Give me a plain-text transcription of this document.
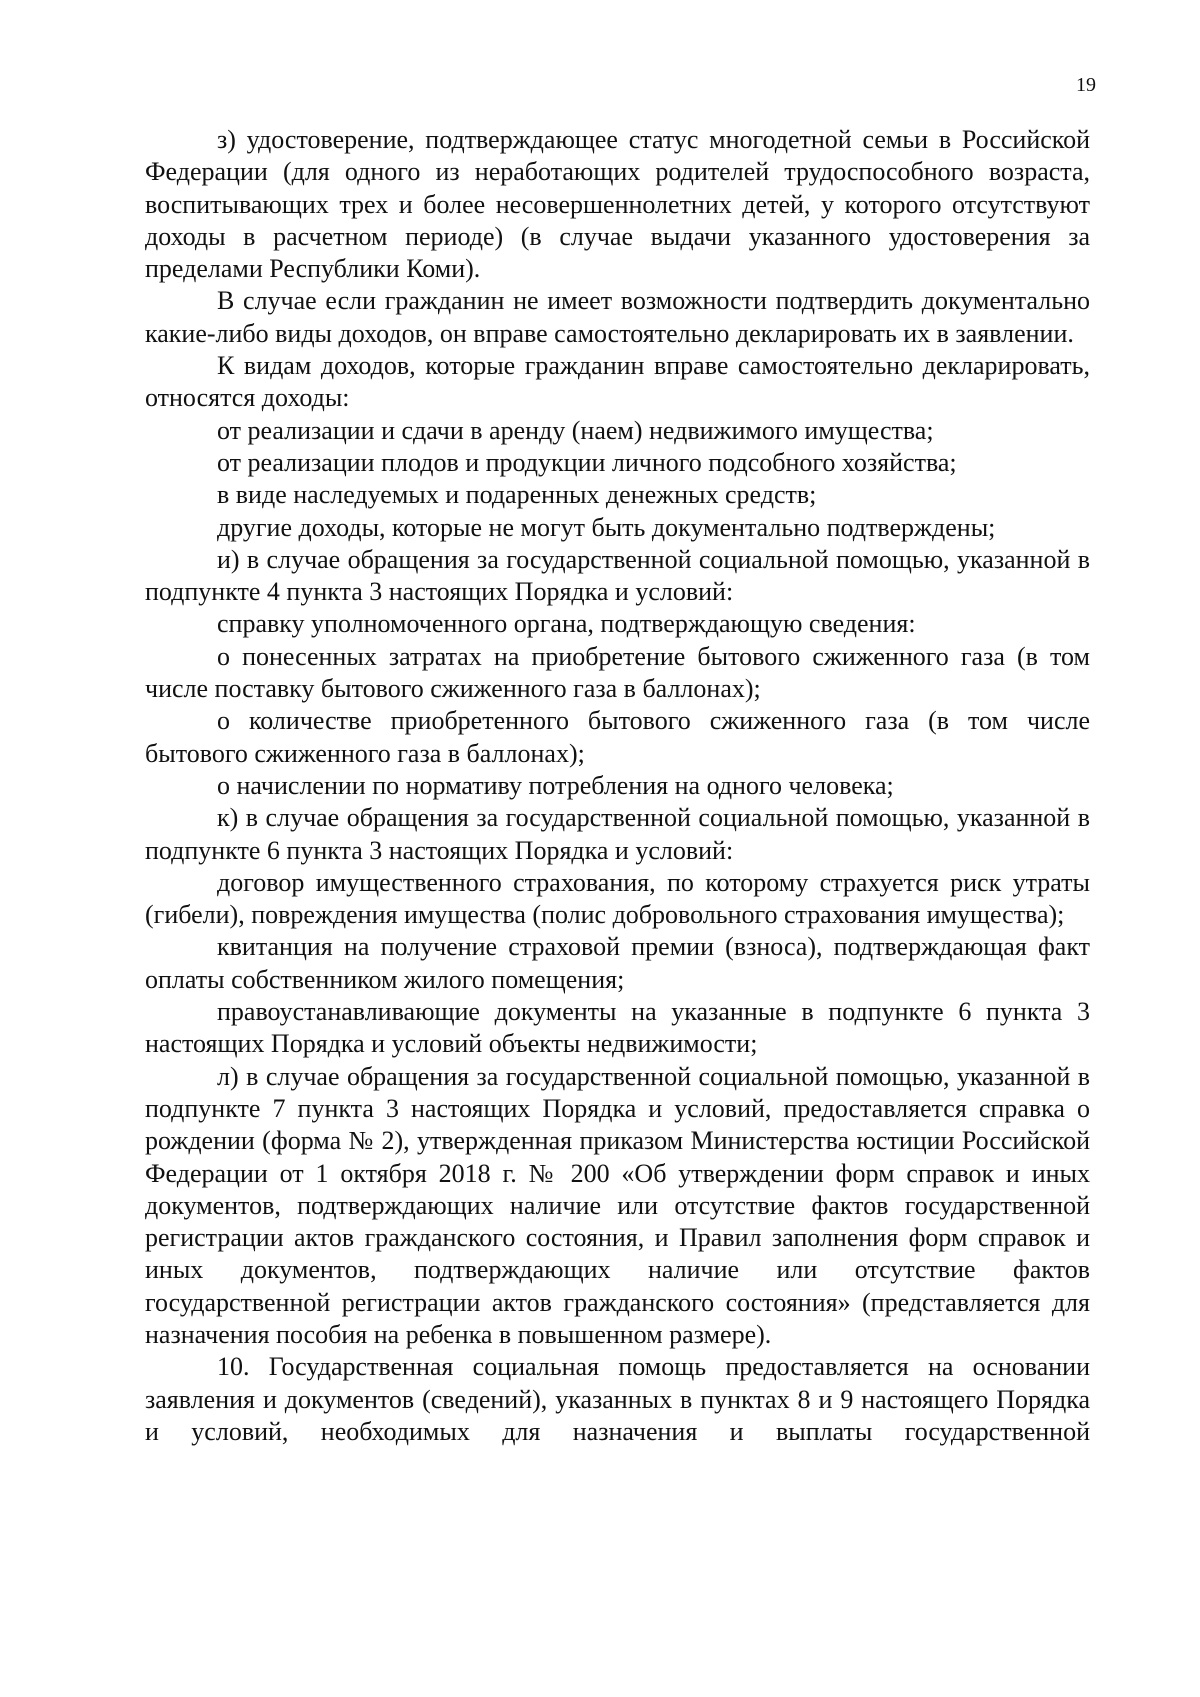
19

з) удостоверение, подтверждающее статус многодетной семьи в Российской Федерации (для одного из неработающих родителей трудоспособного возраста, воспитывающих трех и более несовершеннолетних детей, у которого отсутствуют доходы в расчетном периоде) (в случае выдачи указанного удостоверения за пределами Республики Коми).

В случае если гражданин не имеет возможности подтвердить документально какие-либо виды доходов, он вправе самостоятельно декларировать их в заявлении.

К видам доходов, которые гражданин вправе самостоятельно декларировать, относятся доходы:

от реализации и сдачи в аренду (наем) недвижимого имущества;

от реализации плодов и продукции личного подсобного хозяйства;

в виде наследуемых и подаренных денежных средств;

другие доходы, которые не могут быть документально подтверждены;

и) в случае обращения за государственной социальной помощью, указанной в подпункте 4 пункта 3 настоящих Порядка и условий:

справку уполномоченного органа, подтверждающую сведения:

о понесенных затратах на приобретение бытового сжиженного газа (в том числе поставку бытового сжиженного газа в баллонах);

о количестве приобретенного бытового сжиженного газа (в том числе бытового сжиженного газа в баллонах);

о начислении по нормативу потребления на одного человека;

к) в случае обращения за государственной социальной помощью, указанной в подпункте 6 пункта 3 настоящих Порядка и условий:

договор имущественного страхования, по которому страхуется риск утраты (гибели), повреждения имущества (полис добровольного страхования имущества);

квитанция на получение страховой премии (взноса), подтверждающая факт оплаты собственником жилого помещения;

правоустанавливающие документы на указанные в подпункте 6 пункта 3 настоящих Порядка и условий объекты недвижимости;

л) в случае обращения за государственной социальной помощью, указанной в подпункте 7 пункта 3 настоящих Порядка и условий, предоставляется справка о рождении (форма № 2), утвержденная приказом Министерства юстиции Российской Федерации от 1 октября 2018 г. № 200 «Об утверждении форм справок и иных документов, подтверждающих наличие или отсутствие фактов государственной регистрации актов гражданского состояния, и Правил заполнения форм справок и иных документов, подтверждающих наличие или отсутствие фактов государственной регистрации актов гражданского состояния» (представляется для назначения пособия на ребенка в повышенном размере).

10. Государственная социальная помощь предоставляется на основании заявления и документов (сведений), указанных в пунктах 8 и 9 настоящего Порядка и условий, необходимых для назначения и выплаты государственной
